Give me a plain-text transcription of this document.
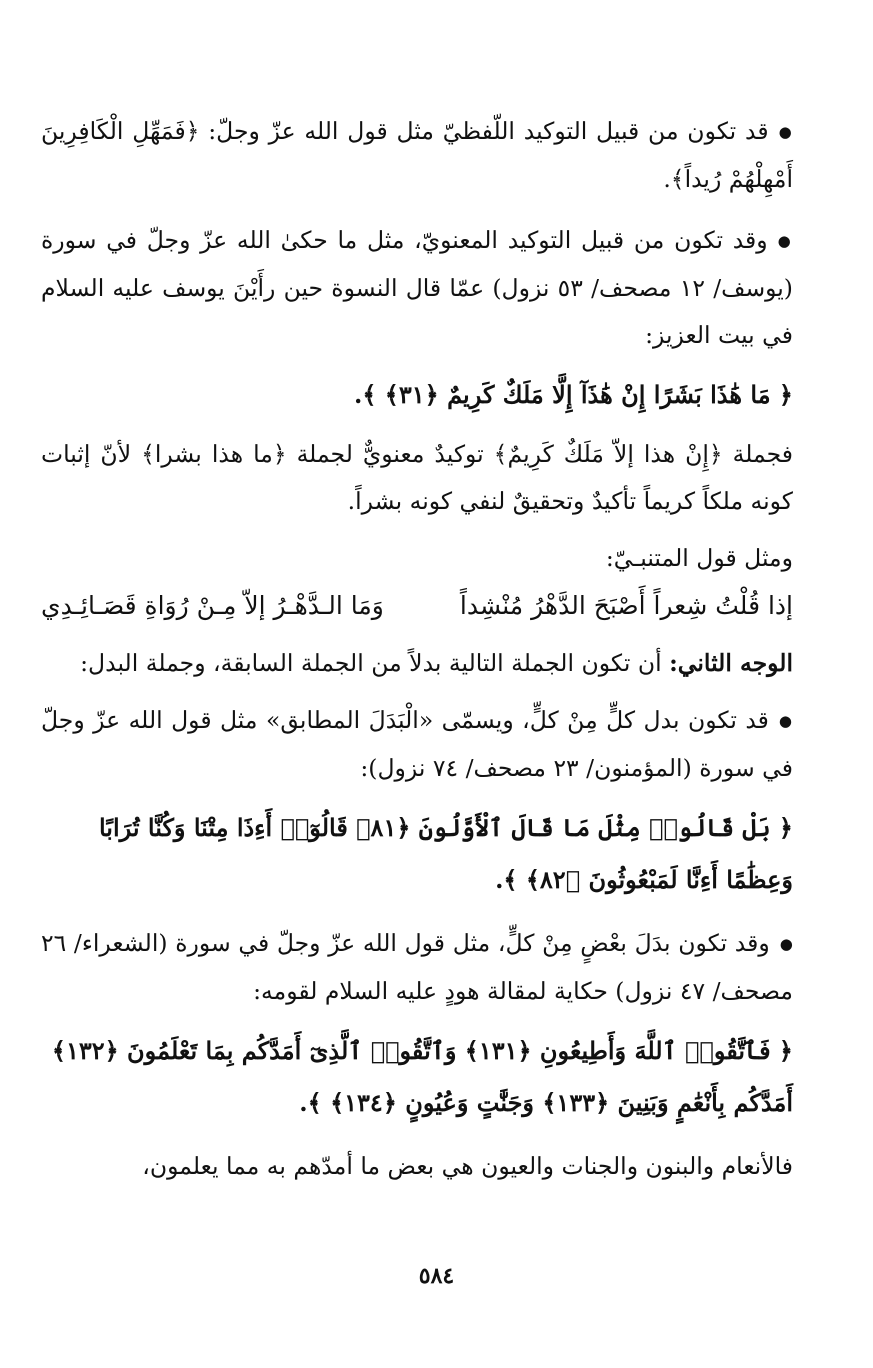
● قد تكون من قبيل التوكيد اللّفظيّ مثل قول الله عزّ وجلّ: ﴿فَمَهِّلِ الْكَافِرِينَ أَمْهِلْهُمْ رُيداً﴾.

● وقد تكون من قبيل التوكيد المعنويّ، مثل ما حكىٰ الله عزّ وجلّ في سورة (يوسف/ ١٢ مصحف/ ٥٣ نزول) عمّا قال النسوة حين رأَيْنَ يوسف عليه السلام في بيت العزيز:

﴿ مَا هَٰذَا بَشَرًا إِنْ هَٰذَآ إِلَّا مَلَكٌ كَرِيمٌ ﴿٣١﴾ ﴾.

فجملة ﴿إِنْ هذا إلاّ مَلَكٌ كَرِيمٌ﴾ توكيدٌ معنويٌّ لجملة ﴿ما هذا بشرا﴾ لأنّ إثبات كونه ملكاً كريماً تأكيدٌ وتحقيقٌ لنفي كونه بشراً.

ومثل قول المتنبـيّ:

إذا قُلْتُ شِعراً أَصْبَحَ الدَّهْرُ مُنْشِداً
وَمَا الـدَّهْـرُ إلاّ مِـنْ رُوَاةِ قَصَـائِـدِي

الوجه الثاني: أن تكون الجملة التالية بدلاً من الجملة السابقة، وجملة البدل:

● قد تكون بدل كلٍّ مِنْ كلٍّ، ويسمّى «الْبَدَلَ المطابق» مثل قول الله عزّ وجلّ في سورة (المؤمنون/ ٢٣ مصحف/ ٧٤ نزول):

﴿ بَلْ قَالُوا۟ مِثْلَ مَا قَالَ ٱلْأَوَّلُونَ ﴿٨١﴾ قَالُوٓا۟ أَءِذَا مِتْنَا وَكُنَّا تُرَابًا وَعِظَٰمًا أَءِنَّا لَمَبْعُوثُونَ ﴿٨٢﴾ ﴾.

● وقد تكون بدَلَ بعْضٍ مِنْ كلٍّ، مثل قول الله عزّ وجلّ في سورة (الشعراء/ ٢٦ مصحف/ ٤٧ نزول) حكاية لمقالة هودٍ عليه السلام لقومه:

﴿ فَٱتَّقُوا۟ ٱللَّهَ وَأَطِيعُونِ ﴿١٣١﴾ وَٱتَّقُوا۟ ٱلَّذِىٓ أَمَدَّكُم بِمَا تَعْلَمُونَ ﴿١٣٢﴾ أَمَدَّكُم بِأَنْعَٰمٍ وَبَنِينَ ﴿١٣٣﴾ وَجَنَّٰتٍ وَعُيُونٍ ﴿١٣٤﴾ ﴾.

فالأنعام والبنون والجنات والعيون هي بعض ما أمدّهم به مما يعلمون،

٥٨٤
